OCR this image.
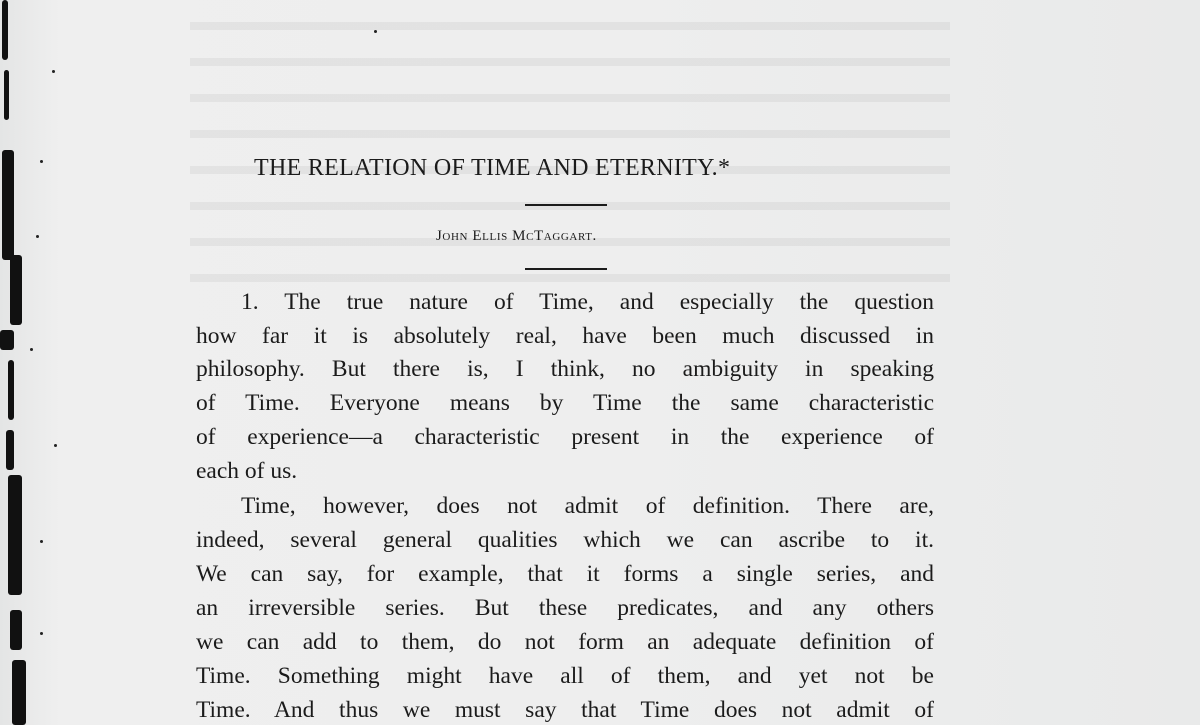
THE RELATION OF TIME AND ETERNITY.*

John Ellis McTaggart.

1. The true nature of Time, and especially the question

how far it is absolutely real, have been much discussed in

philosophy. But there is, I think, no ambiguity in speaking

of Time. Everyone means by Time the same characteristic

of experience—a characteristic present in the experience of

each of us.

Time, however, does not admit of definition. There are,

indeed, several general qualities which we can ascribe to it.

We can say, for example, that it forms a single series, and

an irreversible series. But these predicates, and any others

we can add to them, do not form an adequate definition of

Time. Something might have all of them, and yet not be

Time. And thus we must say that Time does not admit of
